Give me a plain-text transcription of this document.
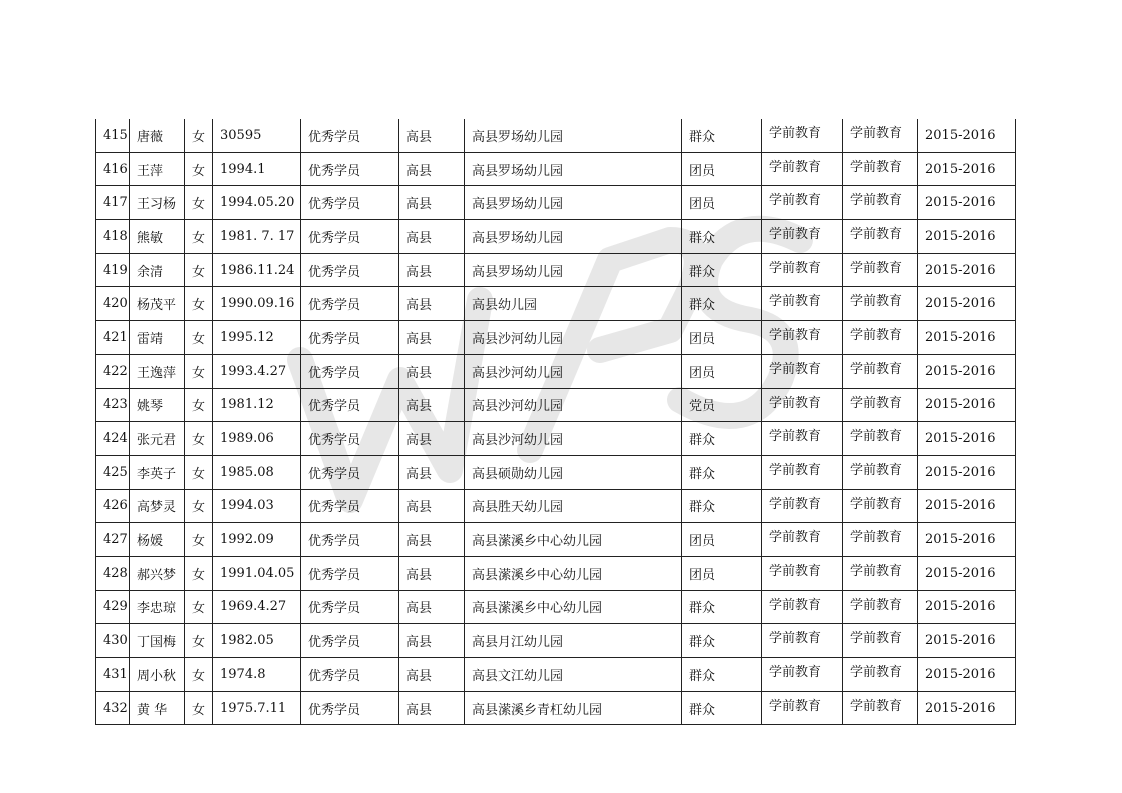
415	唐薇	女	30595	优秀学员	高县	高县罗场幼儿园	群众	学前教育	学前教育	2015-2016
416	王萍	女	1994.1	优秀学员	高县	高县罗场幼儿园	团员	学前教育	学前教育	2015-2016
417	王习杨	女	1994.05.20	优秀学员	高县	高县罗场幼儿园	团员	学前教育	学前教育	2015-2016
418	熊敏	女	1981. 7. 17	优秀学员	高县	高县罗场幼儿园	群众	学前教育	学前教育	2015-2016
419	余清	女	1986.11.24	优秀学员	高县	高县罗场幼儿园	群众	学前教育	学前教育	2015-2016
420	杨茂平	女	1990.09.16	优秀学员	高县	高县幼儿园	群众	学前教育	学前教育	2015-2016
421	雷靖	女	1995.12	优秀学员	高县	高县沙河幼儿园	团员	学前教育	学前教育	2015-2016
422	王逸萍	女	1993.4.27	优秀学员	高县	高县沙河幼儿园	团员	学前教育	学前教育	2015-2016
423	姚琴	女	1981.12	优秀学员	高县	高县沙河幼儿园	党员	学前教育	学前教育	2015-2016
424	张元君	女	1989.06	优秀学员	高县	高县沙河幼儿园	群众	学前教育	学前教育	2015-2016
425	李英子	女	1985.08	优秀学员	高县	高县硕勋幼儿园	群众	学前教育	学前教育	2015-2016
426	高梦灵	女	1994.03	优秀学员	高县	高县胜天幼儿园	群众	学前教育	学前教育	2015-2016
427	杨媛	女	1992.09	优秀学员	高县	高县潆溪乡中心幼儿园	团员	学前教育	学前教育	2015-2016
428	郝兴梦	女	1991.04.05	优秀学员	高县	高县潆溪乡中心幼儿园	团员	学前教育	学前教育	2015-2016
429	李忠琼	女	1969.4.27	优秀学员	高县	高县潆溪乡中心幼儿园	群众	学前教育	学前教育	2015-2016
430	丁国梅	女	1982.05	优秀学员	高县	高县月江幼儿园	群众	学前教育	学前教育	2015-2016
431	周小秋	女	1974.8	优秀学员	高县	高县文江幼儿园	群众	学前教育	学前教育	2015-2016
432	黄 华	女	1975.7.11	优秀学员	高县	高县潆溪乡青杠幼儿园	群众	学前教育	学前教育	2015-2016
